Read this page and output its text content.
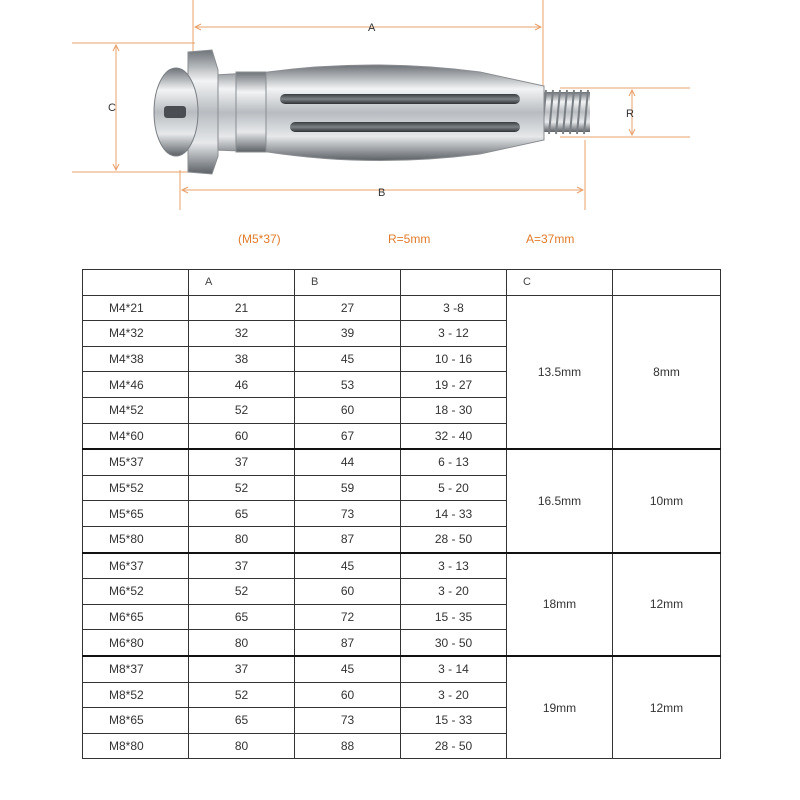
A
B
C	R
(M5*37)	R=5mm	A=37mm
	A	B		C	
M4*21	21	27	3 -8	13.5mm	8mm
M4*32	32	39	3 - 12		
M4*38	38	45	10 - 16		
M4*46	46	53	19 - 27		
M4*52	52	60	18 - 30		
M4*60	60	67	32 - 40		
M5*37	37	44	6 - 13	16.5mm	10mm
M5*52	52	59	5 - 20		
M5*65	65	73	14 - 33		
M5*80	80	87	28 - 50		
M6*37	37	45	3 - 13	18mm	12mm
M6*52	52	60	3 - 20		
M6*65	65	72	15 - 35		
M6*80	80	87	30 - 50		
M8*37	37	45	3 - 14	19mm	12mm
M8*52	52	60	3 - 20		
M8*65	65	73	15 - 33		
M8*80	80	88	28 - 50		
